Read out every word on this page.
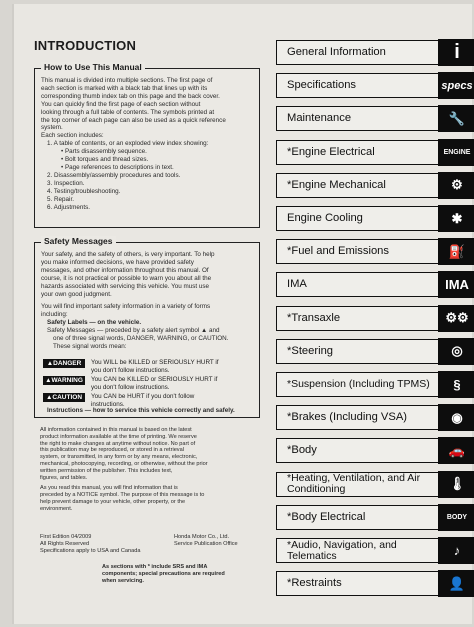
INTRODUCTION
How to Use This Manual
This manual is divided into multiple sections. The first page of
each section is marked with a black tab that lines up with its
corresponding thumb index tab on this page and the back cover.
You can quickly find the first page of each section without
looking through a full table of contents. The symbols printed at
the top corner of each page can also be used as a quick reference
system.
Each section includes:
1. A table of contents, or an exploded view index showing:
• Parts disassembly sequence.
• Bolt torques and thread sizes.
• Page references to descriptions in text.
2. Disassembly/assembly procedures and tools.
3. Inspection.
4. Testing/troubleshooting.
5. Repair.
6. Adjustments.
Safety Messages
Your safety, and the safety of others, is very important. To help
you make informed decisions, we have provided safety
messages, and other information throughout this manual. Of
course, it is not practical or possible to warn you about all the
hazards associated with servicing this vehicle. You must use
your own good judgment.
You will find important safety information in a variety of forms
including:
Safety Labels — on the vehicle.
Safety Messages — preceded by a safety alert symbol ▲ and
one of three signal words, DANGER, WARNING, or CAUTION.
These signal words mean:
▲DANGER	You WILL be KILLED or SERIOUSLY HURT if
you don't follow instructions.
▲WARNING	You CAN be KILLED or SERIOUSLY HURT if
you don't follow instructions.
▲CAUTION	You CAN be HURT if you don't follow
instructions.
Instructions — how to service this vehicle correctly and safely.
All information contained in this manual is based on the latest
product information available at the time of printing. We reserve
the right to make changes at anytime without notice. No part of
this publication may be reproduced, or stored in a retrieval
system, or transmitted, in any form or by any means, electronic,
mechanical, photocopying, recording, or otherwise, without the prior
written permission of the publisher. This includes text,
figures, and tables.
As you read this manual, you will find information that is
preceded by a NOTICE symbol. The purpose of this message is to
help prevent damage to your vehicle, other property, or the
environment.
First Edition 04/2009
All Rights Reserved
Specifications apply to USA and Canada
Honda Motor Co., Ltd.
Service Publication Office
As sections with * include SRS and IMA
components; special precautions are required
when servicing.
General Information	i
Specifications	specs
Maintenance	🔧
*Engine Electrical	ENGINE
*Engine Mechanical	⚙
Engine Cooling	✱
*Fuel and Emissions	⛽
IMA	IMA
*Transaxle	⚙⚙
*Steering	◎
*Suspension (Including TPMS)	§
*Brakes (Including VSA)	◉
*Body	🚗
*Heating, Ventilation, and Air Conditioning	🌡
*Body Electrical	BODY
*Audio, Navigation, and Telematics	♪
*Restraints	👤
